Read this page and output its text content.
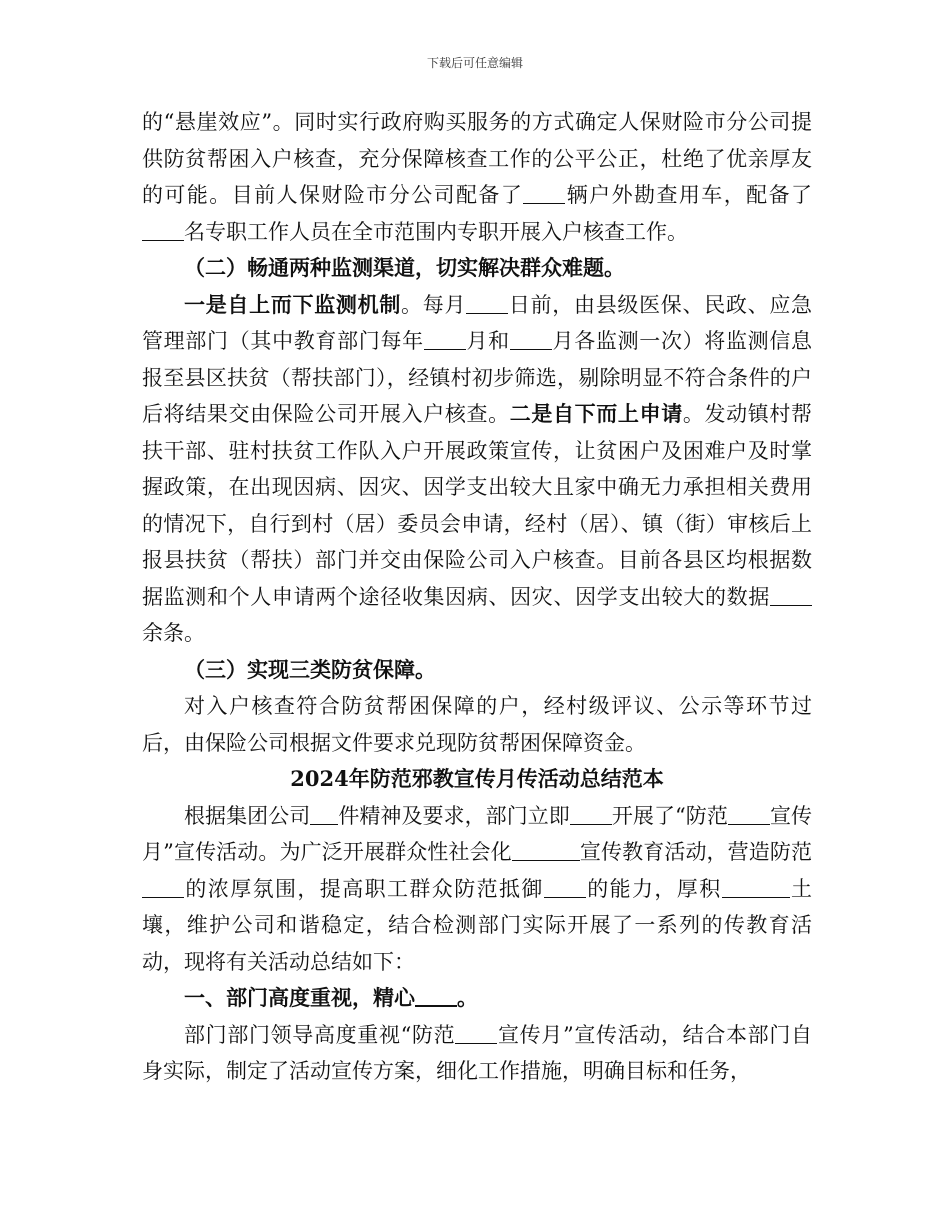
下载后可任意编辑

的“悬崖效应”。同时实行政府购买服务的方式确定人保财险市分公司提供防贫帮困入户核查，充分保障核查工作的公平公正，杜绝了优亲厚友的可能。目前人保财险市分公司配备了 辆户外勘查用车，配备了名专职工作人员在全市范围内专职开展入户核查工作。

（二）畅通两种监测渠道，切实解决群众难题。

一是自上而下监测机制。每月 日前，由县级医保、民政、应急管理部门（其中教育部门每年 月和 月各监测一次）将监测信息报至县区扶贫（帮扶部门），经镇村初步筛选，剔除明显不符合条件的户后将结果交由保险公司开展入户核查。二是自下而上申请。发动镇村帮扶干部、驻村扶贫工作队入户开展政策宣传，让贫困户及困难户及时掌握政策，在出现因病、因灾、因学支出较大且家中确无力承担相关费用的情况下，自行到村（居）委员会申请，经村（居）、镇（街）审核后上报县扶贫（帮扶）部门并交由保险公司入户核查。目前各县区均根据数据监测和个人申请两个途径收集因病、因灾、因学支出较大的数据余条。

（三）实现三类防贫保障。

对入户核查符合防贫帮困保障的户，经村级评议、公示等环节过后，由保险公司根据文件要求兑现防贫帮困保障资金。

2024年防范邪教宣传月传活动总结范本

根据集团公司 件精神及要求，部门立即 开展了“防范 宣传月”宣传活动。为广泛开展群众性社会化	宣传教育活动，营造防范的浓厚氛围，提高职工群众防范抵御 的能力，厚积	土壤，维护公司和谐稳定，结合检测部门实际开展了一系列的传教育活动，现将有关活动总结如下：

一、部门高度重视，精心 。

部门部门领导高度重视“防范 宣传月”宣传活动，结合本部门自身实际，制定了活动宣传方案，细化工作措施，明确目标和任务，
